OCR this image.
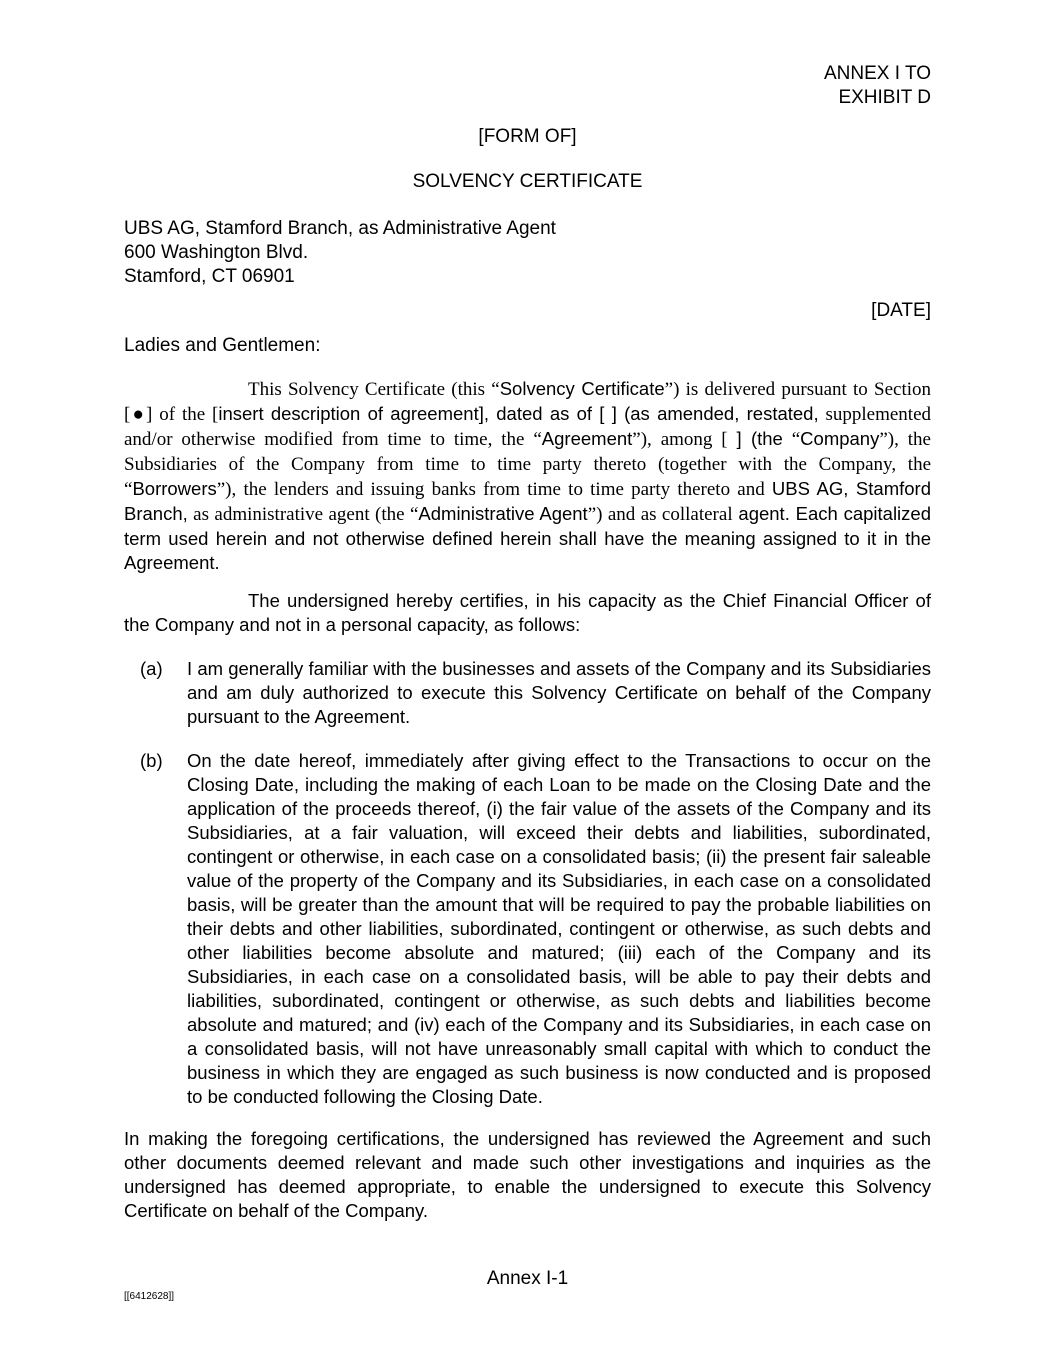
ANNEX I TO
EXHIBIT D
[FORM OF]
SOLVENCY CERTIFICATE
UBS AG, Stamford Branch, as Administrative Agent
600 Washington Blvd.
Stamford, CT 06901
[DATE]
Ladies and Gentlemen:
This Solvency Certificate (this “Solvency Certificate”) is delivered pursuant to Section [●] of the [insert description of agreement], dated as of [ ] (as amended, restated, supplemented and/or otherwise modified from time to time, the “Agreement”), among [ ] (the “Company”), the Subsidiaries of the Company from time to time party thereto (together with the Company, the “Borrowers”), the lenders and issuing banks from time to time party thereto and UBS AG, Stamford Branch, as administrative agent (the “Administrative Agent”) and as collateral agent. Each capitalized term used herein and not otherwise defined herein shall have the meaning assigned to it in the Agreement.
The undersigned hereby certifies, in his capacity as the Chief Financial Officer of the Company and not in a personal capacity, as follows:
(a) I am generally familiar with the businesses and assets of the Company and its Subsidiaries and am duly authorized to execute this Solvency Certificate on behalf of the Company pursuant to the Agreement.
(b) On the date hereof, immediately after giving effect to the Transactions to occur on the Closing Date, including the making of each Loan to be made on the Closing Date and the application of the proceeds thereof, (i) the fair value of the assets of the Company and its Subsidiaries, at a fair valuation, will exceed their debts and liabilities, subordinated, contingent or otherwise, in each case on a consolidated basis; (ii) the present fair saleable value of the property of the Company and its Subsidiaries, in each case on a consolidated basis, will be greater than the amount that will be required to pay the probable liabilities on their debts and other liabilities, subordinated, contingent or otherwise, as such debts and other liabilities become absolute and matured; (iii) each of the Company and its Subsidiaries, in each case on a consolidated basis, will be able to pay their debts and liabilities, subordinated, contingent or otherwise, as such debts and liabilities become absolute and matured; and (iv) each of the Company and its Subsidiaries, in each case on a consolidated basis, will not have unreasonably small capital with which to conduct the business in which they are engaged as such business is now conducted and is proposed to be conducted following the Closing Date.
In making the foregoing certifications, the undersigned has reviewed the Agreement and such other documents deemed relevant and made such other investigations and inquiries as the undersigned has deemed appropriate, to enable the undersigned to execute this Solvency Certificate on behalf of the Company.
Annex I-1
[[6412628]]
